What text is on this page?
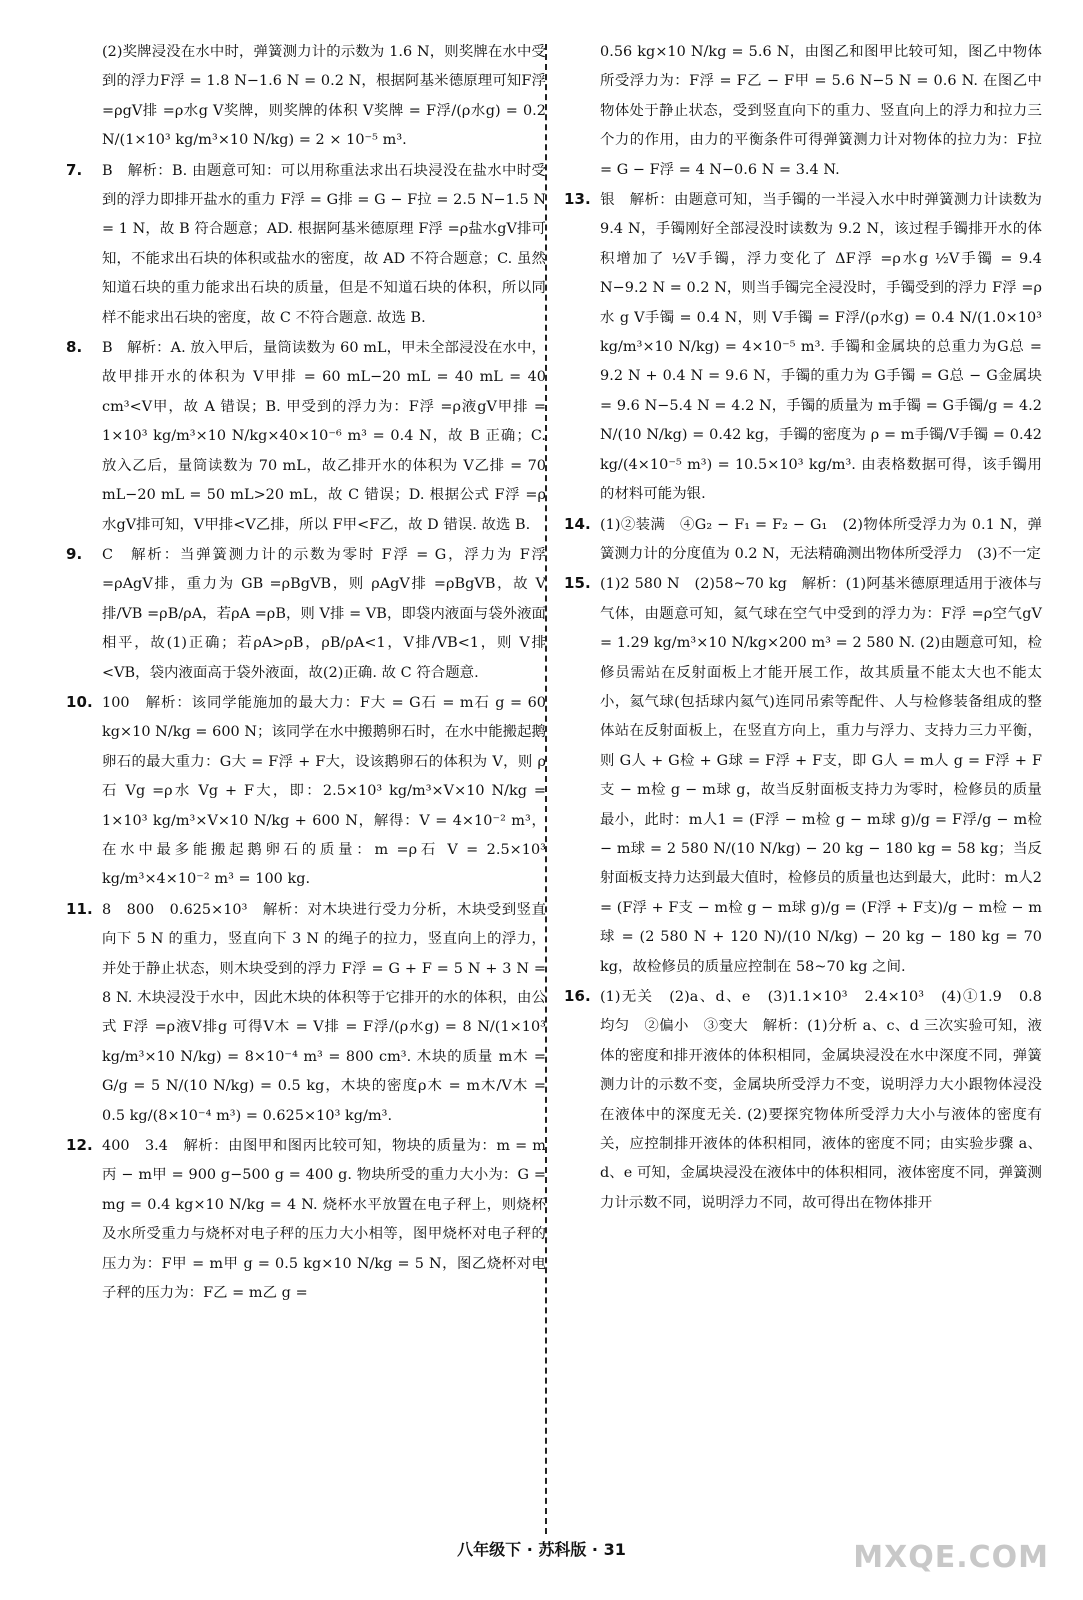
(2)奖牌浸没在水中时，弹簧测力计的示数为 1.6 N，则奖牌在水中受到的浮力F浮 = 1.8 N−1.6 N = 0.2 N，根据阿基米德原理可知F浮 =ρgV排 =ρ水g V奖牌，则奖牌的体积 V奖牌 = F浮/(ρ水g) = 0.2 N/(1×10³ kg/m³×10 N/kg) = 2 × 10⁻⁵ m³.

7. B　解析：B. 由题意可知：可以用称重法求出石块浸没在盐水中时受到的浮力即排开盐水的重力 F浮 = G排 = G − F拉 = 2.5 N−1.5 N = 1 N，故 B 符合题意；AD. 根据阿基米德原理 F浮 =ρ盐水gV排可知，不能求出石块的体积或盐水的密度，故 AD 不符合题意；C. 虽然知道石块的重力能求出石块的质量，但是不知道石块的体积，所以同样不能求出石块的密度，故 C 不符合题意. 故选 B.

8. B　解析：A. 放入甲后，量筒读数为 60 mL，甲未全部浸没在水中，故甲排开水的体积为 V甲排 = 60 mL−20 mL = 40 mL = 40 cm³<V甲，故 A 错误；B. 甲受到的浮力为：F浮 =ρ液gV甲排 = 1×10³ kg/m³×10 N/kg×40×10⁻⁶ m³ = 0.4 N，故 B 正确；C. 放入乙后，量筒读数为 70 mL，故乙排开水的体积为 V乙排 = 70 mL−20 mL = 50 mL>20 mL，故 C 错误；D. 根据公式 F浮 =ρ水gV排可知，V甲排<V乙排，所以 F甲<F乙，故 D 错误. 故选 B.

9. C　解析：当弹簧测力计的示数为零时 F浮 = G，浮力为 F浮 =ρAgV排，重力为 GB =ρBgVB，则 ρAgV排 =ρBgVB，故 V排/VB =ρB/ρA，若ρA =ρB，则 V排 = VB，即袋内液面与袋外液面相平，故(1)正确；若ρA>ρB，ρB/ρA<1，V排/VB<1，则 V排<VB，袋内液面高于袋外液面，故(2)正确. 故 C 符合题意.

10. 100　解析：该同学能施加的最大力：F大 = G石 = m石 g = 60 kg×10 N/kg = 600 N；该同学在水中搬鹅卵石时，在水中能搬起鹅卵石的最大重力：G大 = F浮 + F大，设该鹅卵石的体积为 V，则 ρ石 Vg =ρ水 Vg + F大，即：2.5×10³ kg/m³×V×10 N/kg = 1×10³ kg/m³×V×10 N/kg + 600 N，解得：V = 4×10⁻² m³，在水中最多能搬起鹅卵石的质量：m =ρ石 V = 2.5×10³ kg/m³×4×10⁻² m³ = 100 kg.

11. 8　800　0.625×10³　解析：对木块进行受力分析，木块受到竖直向下 5 N 的重力，竖直向下 3 N 的绳子的拉力，竖直向上的浮力，并处于静止状态，则木块受到的浮力 F浮 = G + F = 5 N + 3 N = 8 N. 木块浸没于水中，因此木块的体积等于它排开的水的体积，由公式 F浮 =ρ液V排g 可得V木 = V排 = F浮/(ρ水g) = 8 N/(1×10³ kg/m³×10 N/kg) = 8×10⁻⁴ m³ = 800 cm³. 木块的质量 m木 = G/g = 5 N/(10 N/kg) = 0.5 kg，木块的密度ρ木 = m木/V木 = 0.5 kg/(8×10⁻⁴ m³) = 0.625×10³ kg/m³.

12. 400　3.4　解析：由图甲和图丙比较可知，物块的质量为：m = m丙 − m甲 = 900 g−500 g = 400 g. 物块所受的重力大小为：G = mg = 0.4 kg×10 N/kg = 4 N. 烧杯水平放置在电子秤上，则烧杯及水所受重力与烧杯对电子秤的压力大小相等，图甲烧杯对电子秤的压力为：F甲 = m甲 g = 0.5 kg×10 N/kg = 5 N，图乙烧杯对电子秤的压力为：F乙 = m乙 g =

0.56 kg×10 N/kg = 5.6 N，由图乙和图甲比较可知，图乙中物体所受浮力为：F浮 = F乙 − F甲 = 5.6 N−5 N = 0.6 N. 在图乙中物体处于静止状态，受到竖直向下的重力、竖直向上的浮力和拉力三个力的作用，由力的平衡条件可得弹簧测力计对物体的拉力为：F拉 = G − F浮 = 4 N−0.6 N = 3.4 N.

13. 银　解析：由题意可知，当手镯的一半浸入水中时弹簧测力计读数为 9.4 N，手镯刚好全部浸没时读数为 9.2 N，该过程手镯排开水的体积增加了 ½V手镯，浮力变化了 ΔF浮 =ρ水g ½V手镯 = 9.4 N−9.2 N = 0.2 N，则当手镯完全浸没时，手镯受到的浮力 F浮 =ρ水 g V手镯 = 0.4 N，则 V手镯 = F浮/(ρ水g) = 0.4 N/(1.0×10³ kg/m³×10 N/kg) = 4×10⁻⁵ m³. 手镯和金属块的总重力为G总 = 9.2 N + 0.4 N = 9.6 N，手镯的重力为 G手镯 = G总 − G金属块 = 9.6 N−5.4 N = 4.2 N，手镯的质量为 m手镯 = G手镯/g = 4.2 N/(10 N/kg) = 0.42 kg，手镯的密度为 ρ = m手镯/V手镯 = 0.42 kg/(4×10⁻⁵ m³) = 10.5×10³ kg/m³. 由表格数据可得，该手镯用的材料可能为银.

14. (1)②装满　④G₂ − F₁ = F₂ − G₁　(2)物体所受浮力为 0.1 N，弹簧测力计的分度值为 0.2 N，无法精确测出物体所受浮力　(3)不一定

15. (1)2 580 N　(2)58~70 kg　解析：(1)阿基米德原理适用于液体与气体，由题意可知，氦气球在空气中受到的浮力为：F浮 =ρ空气gV = 1.29 kg/m³×10 N/kg×200 m³ = 2 580 N. (2)由题意可知，检修员需站在反射面板上才能开展工作，故其质量不能太大也不能太小，氦气球(包括球内氦气)连同吊索等配件、人与检修装备组成的整体站在反射面板上，在竖直方向上，重力与浮力、支持力三力平衡，则 G人 + G检 + G球 = F浮 + F支，即 G人 = m人 g = F浮 + F支 − m检 g − m球 g，故当反射面板支持力为零时，检修员的质量最小，此时：m人1 = (F浮 − m检 g − m球 g)/g = F浮/g − m检 − m球 = 2 580 N/(10 N/kg) − 20 kg − 180 kg = 58 kg；当反射面板支持力达到最大值时，检修员的质量也达到最大，此时：m人2 = (F浮 + F支 − m检 g − m球 g)/g = (F浮 + F支)/g − m检 − m球 = (2 580 N + 120 N)/(10 N/kg) − 20 kg − 180 kg = 70 kg，故检修员的质量应控制在 58~70 kg 之间.

16. (1)无关　(2)a、d、e　(3)1.1×10³　2.4×10³　(4)①1.9　0.8　均匀　②偏小　③变大　解析：(1)分析 a、c、d 三次实验可知，液体的密度和排开液体的体积相同，金属块浸没在水中深度不同，弹簧测力计的示数不变，金属块所受浮力不变，说明浮力大小跟物体浸没在液体中的深度无关. (2)要探究物体所受浮力大小与液体的密度有关，应控制排开液体的体积相同，液体的密度不同；由实验步骤 a、d、e 可知，金属块浸没在液体中的体积相同，液体密度不同，弹簧测力计示数不同，说明浮力不同，故可得出在物体排开

八年级下 · 苏科版 · 31	MXQE.COM
